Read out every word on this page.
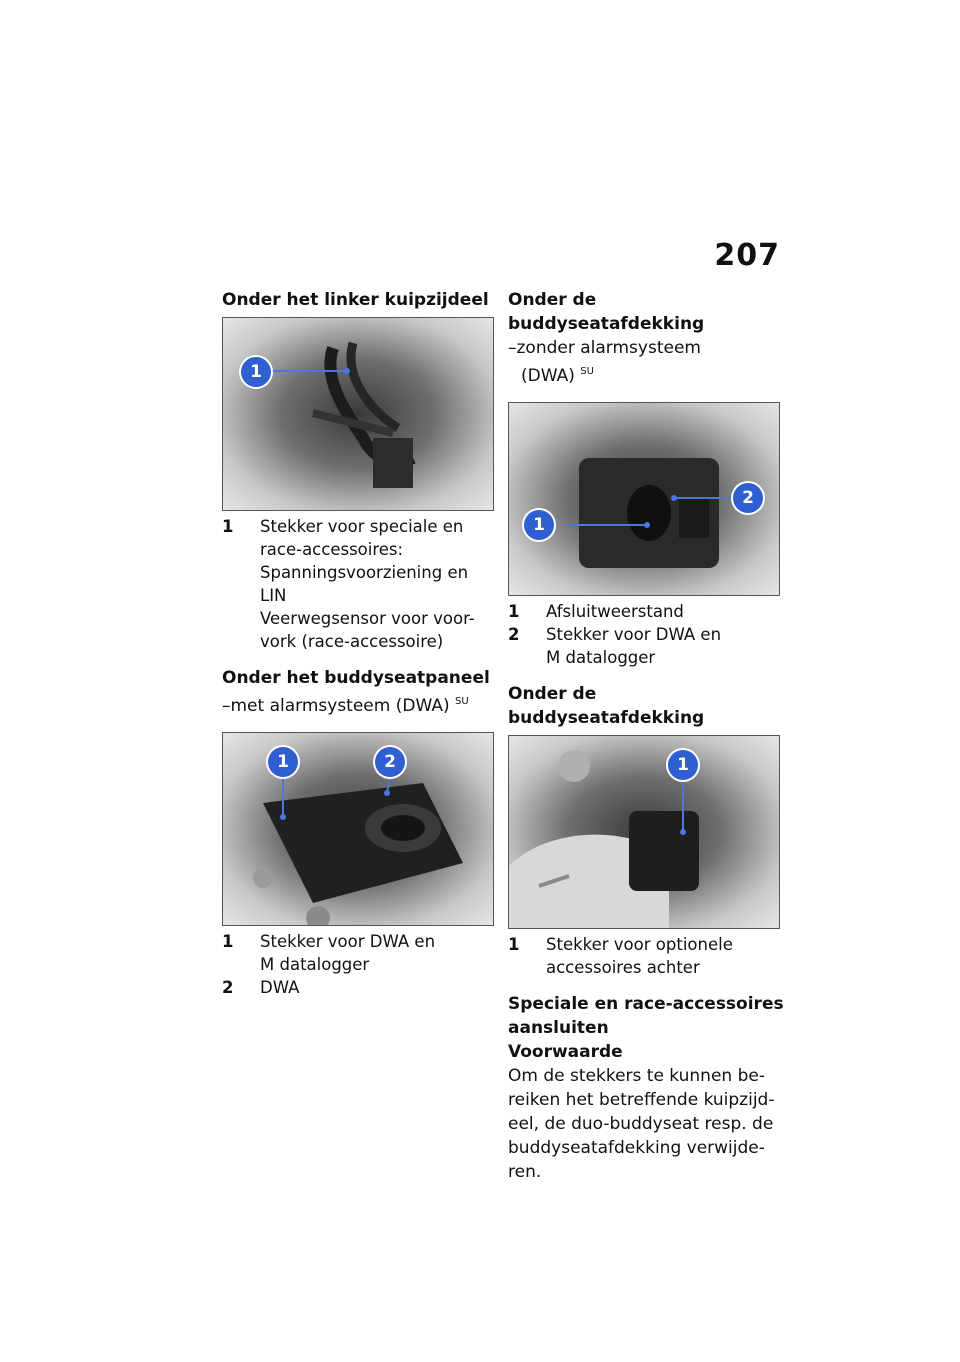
207

Onder het linker kuipzijdeel

1
1	Stekker voor speciale en
race-accessoires:
Spanningsvoorziening en
LIN
Veerwegsensor voor voor-
vork (race-accessoire)

Onder het buddyseatpaneel

–met alarmsysteem (DWA) $^{SU}$

1	2
1	Stekker voor DWA en
M datalogger
2	DWA

Onder de buddyseatafdekking

–zonder alarmsysteem

(DWA) $^{SU}$

1
2
1	Afsluitweerstand
2	Stekker voor DWA en
M datalogger

Onder de buddyseatafdekking

1
1	Stekker voor optionele
accessoires achter

Speciale en race-accessoires

aansluiten

Voorwaarde

Om de stekkers te kunnen be-
reiken het betreffende kuipzijd-
eel, de duo-buddyseat resp. de
buddyseatafdekking verwijde-
ren.
